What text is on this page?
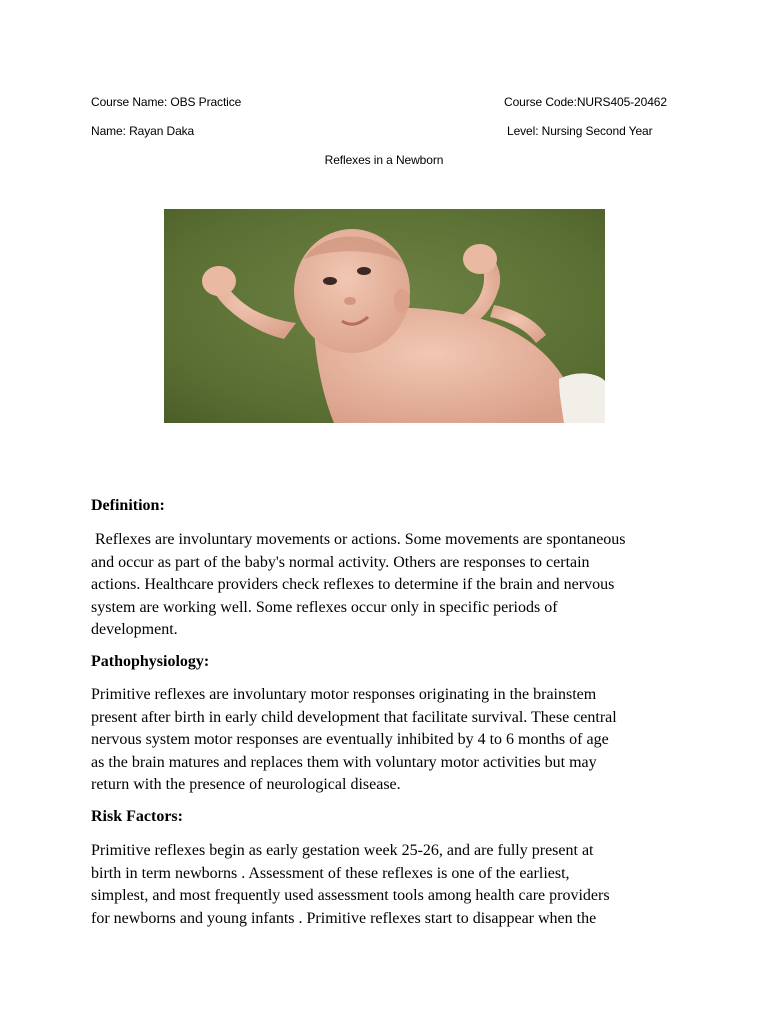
Course Name: OBS Practice	Course Code:NURS405-20462
Name: Rayan Daka	Level: Nursing Second Year
Reflexes in a Newborn
Definition:
Reflexes are involuntary movements or actions. Some movements are spontaneous
and occur as part of the baby's normal activity. Others are responses to certain
actions. Healthcare providers check reflexes to determine if the brain and nervous
system are working well. Some reflexes occur only in specific periods of
development.
Pathophysiology:
Primitive reflexes are involuntary motor responses originating in the brainstem
present after birth in early child development that facilitate survival. These central
nervous system motor responses are eventually inhibited by 4 to 6 months of age
as the brain matures and replaces them with voluntary motor activities but may
return with the presence of neurological disease.
Risk Factors:
Primitive reflexes begin as early gestation week 25-26, and are fully present at
birth in term newborns . Assessment of these reflexes is one of the earliest,
simplest, and most frequently used assessment tools among health care providers
for newborns and young infants . Primitive reflexes start to disappear when the
